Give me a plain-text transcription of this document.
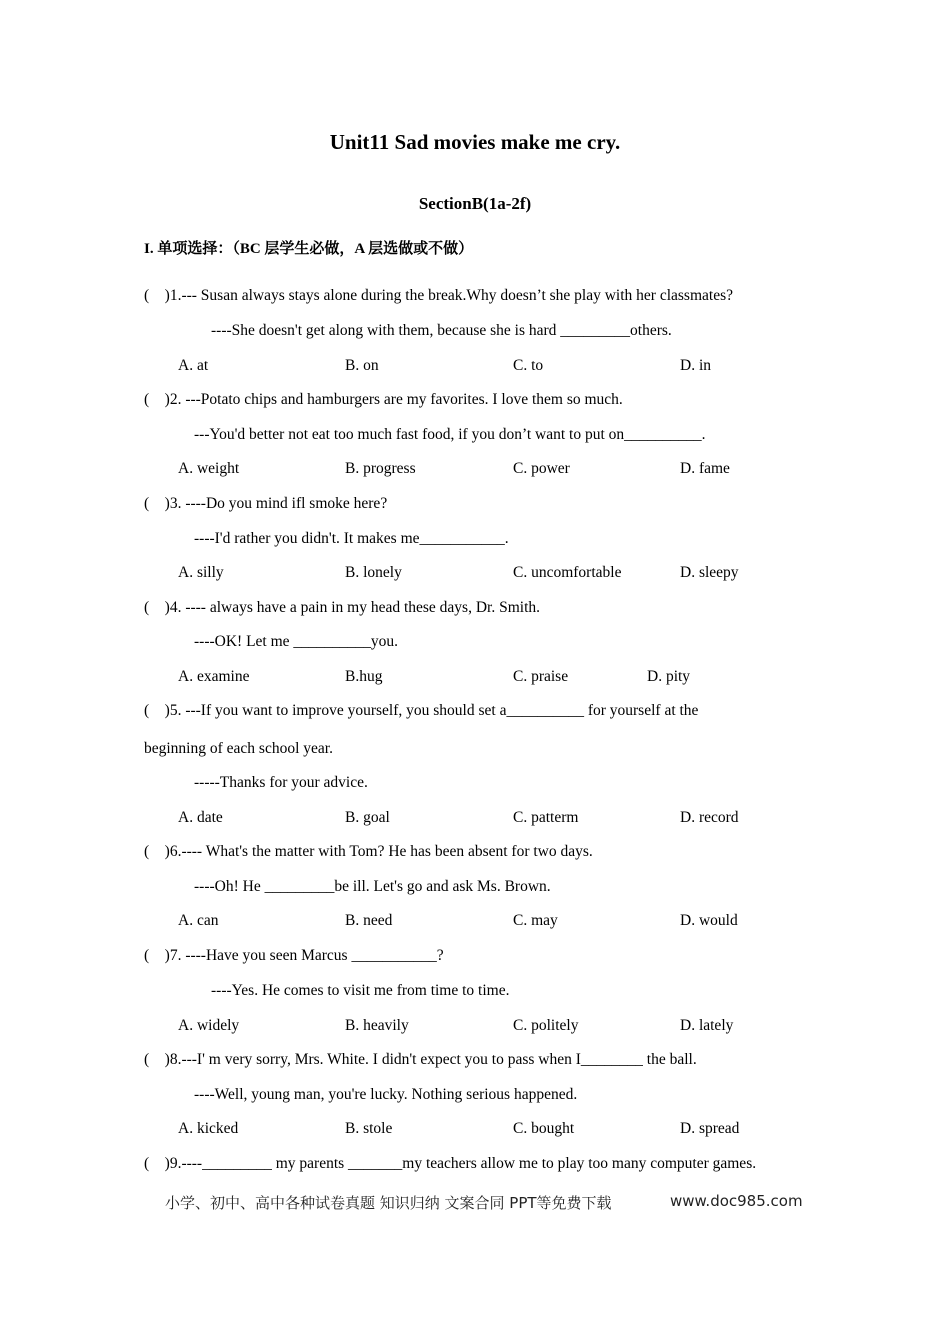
Unit11 Sad movies make me cry.
SectionB(1a-2f)
I. 单项选择：（BC 层学生必做，A 层选做或不做）
(    )1.--- Susan always stays alone during the break.Why doesn’t she play with her classmates?
----She doesn't get along with them, because she is hard _________others.
A. at	B. on	C. to	D. in
(    )2. ---Potato chips and hamburgers are my favorites. I love them so much.
---You'd better not eat too much fast food, if you don’t want to put on__________.
A. weight	B. progress	C. power	D. fame
(    )3. ----Do you mind ifl smoke here?
----I'd rather you didn't. It makes me___________.
A. silly	B. lonely	C. uncomfortable	D. sleepy
(    )4. ---- always have a pain in my head these days, Dr. Smith.
----OK! Let me __________you.
A. examine	B.hug	C. praise	D. pity
(    )5. ---If you want to improve yourself, you should set a__________ for yourself at the
beginning of each school year.
-----Thanks for your advice.
A. date	B. goal	C. patterm	D. record
(    )6.---- What's the matter with Tom? He has been absent for two days.
----Oh! He _________be ill. Let's go and ask Ms. Brown.
A. can	B. need	C. may	D. would
(    )7. ----Have you seen Marcus ___________?
----Yes. He comes to visit me from time to time.
A. widely	B. heavily	C. politely	D. lately
(    )8.---I' m very sorry, Mrs. White. I didn't expect you to pass when I________ the ball.
----Well, young man, you're lucky. Nothing serious happened.
A. kicked	B. stole	C. bought	D. spread
(    )9.----_________ my parents _______my teachers allow me to play too many computer games.
小学、初中、高中各种试卷真题 知识归纳 文案合同 PPT等免费下载	www.doc985.com
